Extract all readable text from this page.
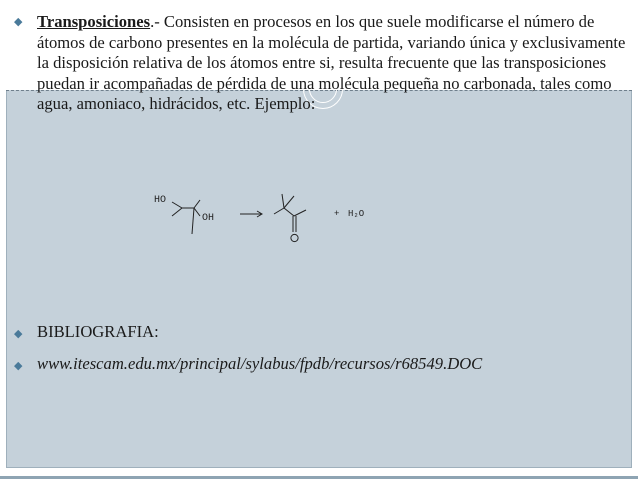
◆ Transposiciones.- Consisten en procesos en los que suele modificarse el número de átomos de carbono presentes en la molécula de partida, variando única y exclusivamente la disposición relativa de los átomos entre si, resulta frecuente que las transposiciones puedan ir acompañadas de pérdida de una molécula pequeña no carbonada, tales como agua, amoniaco, hidrácidos, etc. Ejemplo:
HO
OH	+ H₂O
◆ BIBLIOGRAFIA:
◆ www.itescam.edu.mx/principal/sylabus/fpdb/recursos/r68549.DOC
